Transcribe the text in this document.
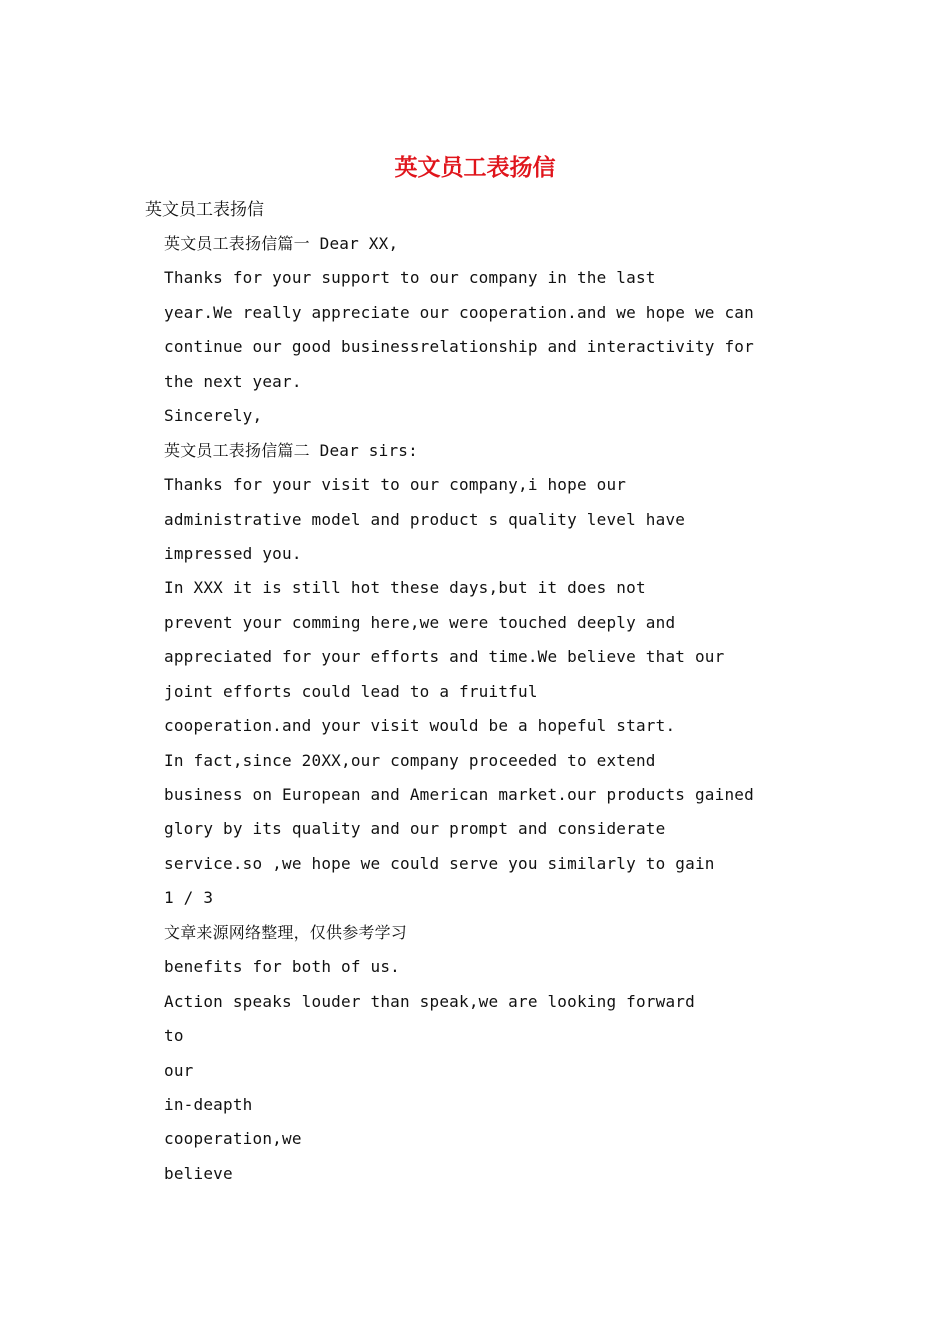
英文员工表扬信

英文员工表扬信

英文员工表扬信篇一 Dear XX,
Thanks for your support to our company in the last
year.We really appreciate our cooperation.and we hope we can
continue our good businessrelationship and interactivity for
the next year.
Sincerely,
英文员工表扬信篇二 Dear sirs:
Thanks for your visit to our company,i hope our
administrative model and product s quality level have
impressed you.
In XXX it is still hot these days,but it does not
prevent your comming here,we were touched deeply and
appreciated for your efforts and time.We believe that our
joint efforts could lead to a fruitful
cooperation.and your visit would be a hopeful start.
In fact,since 20XX,our company proceeded to extend
business on European and American market.our products gained
glory by its quality and our prompt and considerate
service.so ,we hope we could serve you similarly to gain
1 / 3
文章来源网络整理，仅供参考学习
benefits for both of us.
Action speaks louder than speak,we are looking forward
to
our
in-deapth
cooperation,we
believe
